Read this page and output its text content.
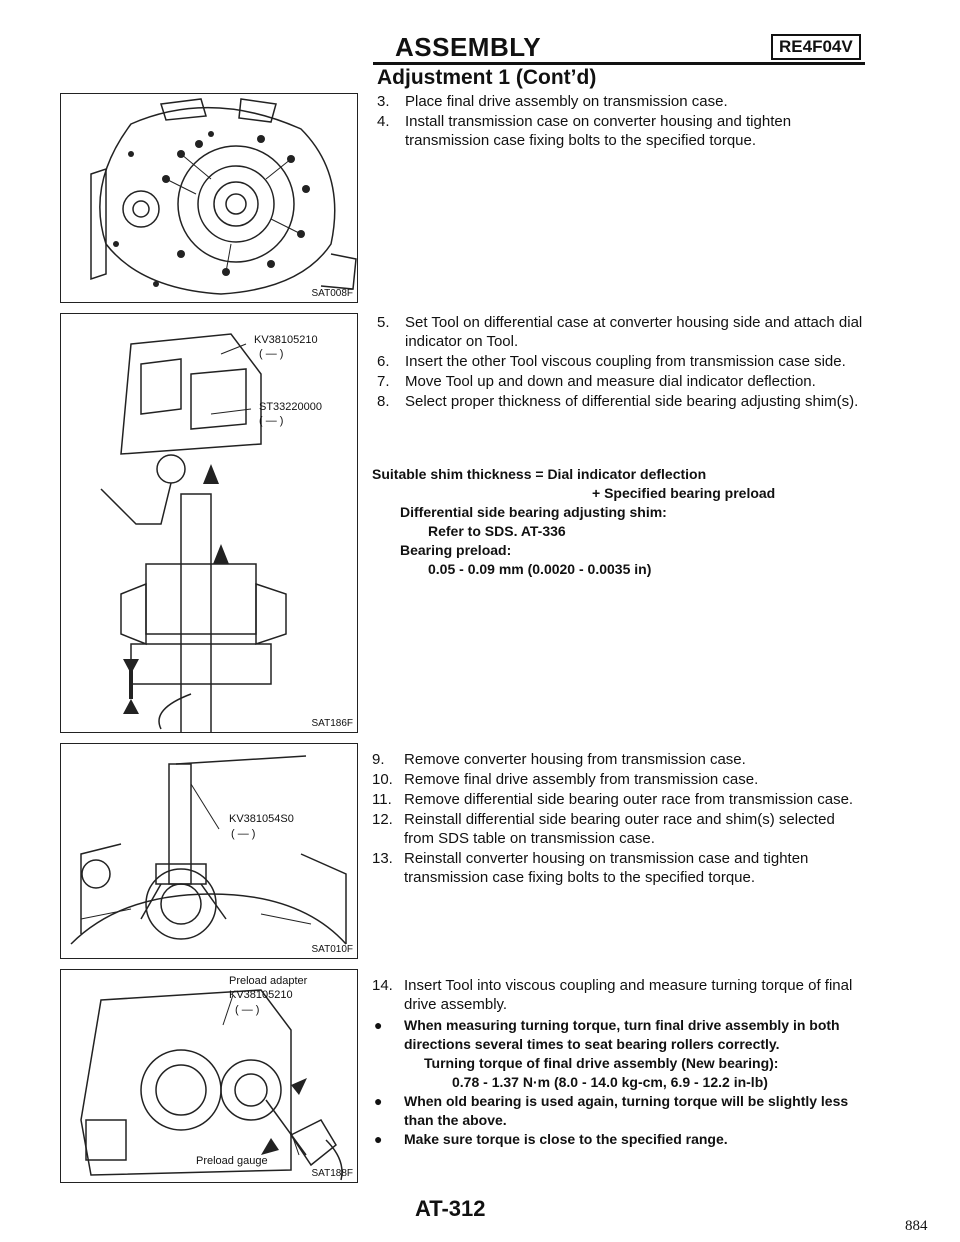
ASSEMBLY	RE4F04V
Adjustment 1 (Cont’d)
SAT008F
KV38105210
( — )
ST33220000
( — )
SAT186F
KV381054S0
( — )
SAT010F
Preload adapter
KV38105210
( — )
Preload gauge
SAT188F
3. Place final drive assembly on transmission case.
4. Install transmission case on converter housing and tighten transmission case fixing bolts to the specified torque.
5. Set Tool on differential case at converter housing side and attach dial indicator on Tool.
6. Insert the other Tool viscous coupling from transmission case side.
7. Move Tool up and down and measure dial indicator deflection.
8. Select proper thickness of differential side bearing adjusting shim(s).
Suitable shim thickness = Dial indicator deflection
+ Specified bearing preload
Differential side bearing adjusting shim:
Refer to SDS. AT-336
Bearing preload:
0.05 - 0.09 mm (0.0020 - 0.0035 in)
9. Remove converter housing from transmission case.
10. Remove final drive assembly from transmission case.
11. Remove differential side bearing outer race from transmission case.
12. Reinstall differential side bearing outer race and shim(s) selected from SDS table on transmission case.
13. Reinstall converter housing on transmission case and tighten transmission case fixing bolts to the specified torque.
14. Insert Tool into viscous coupling and measure turning torque of final drive assembly.
● When measuring turning torque, turn final drive assembly in both directions several times to seat bearing rollers correctly.
Turning torque of final drive assembly (New bearing):
0.78 - 1.37 N·m (8.0 - 14.0 kg-cm, 6.9 - 12.2 in-lb)
● When old bearing is used again, turning torque will be slightly less than the above.
● Make sure torque is close to the specified range.
AT-312
884
